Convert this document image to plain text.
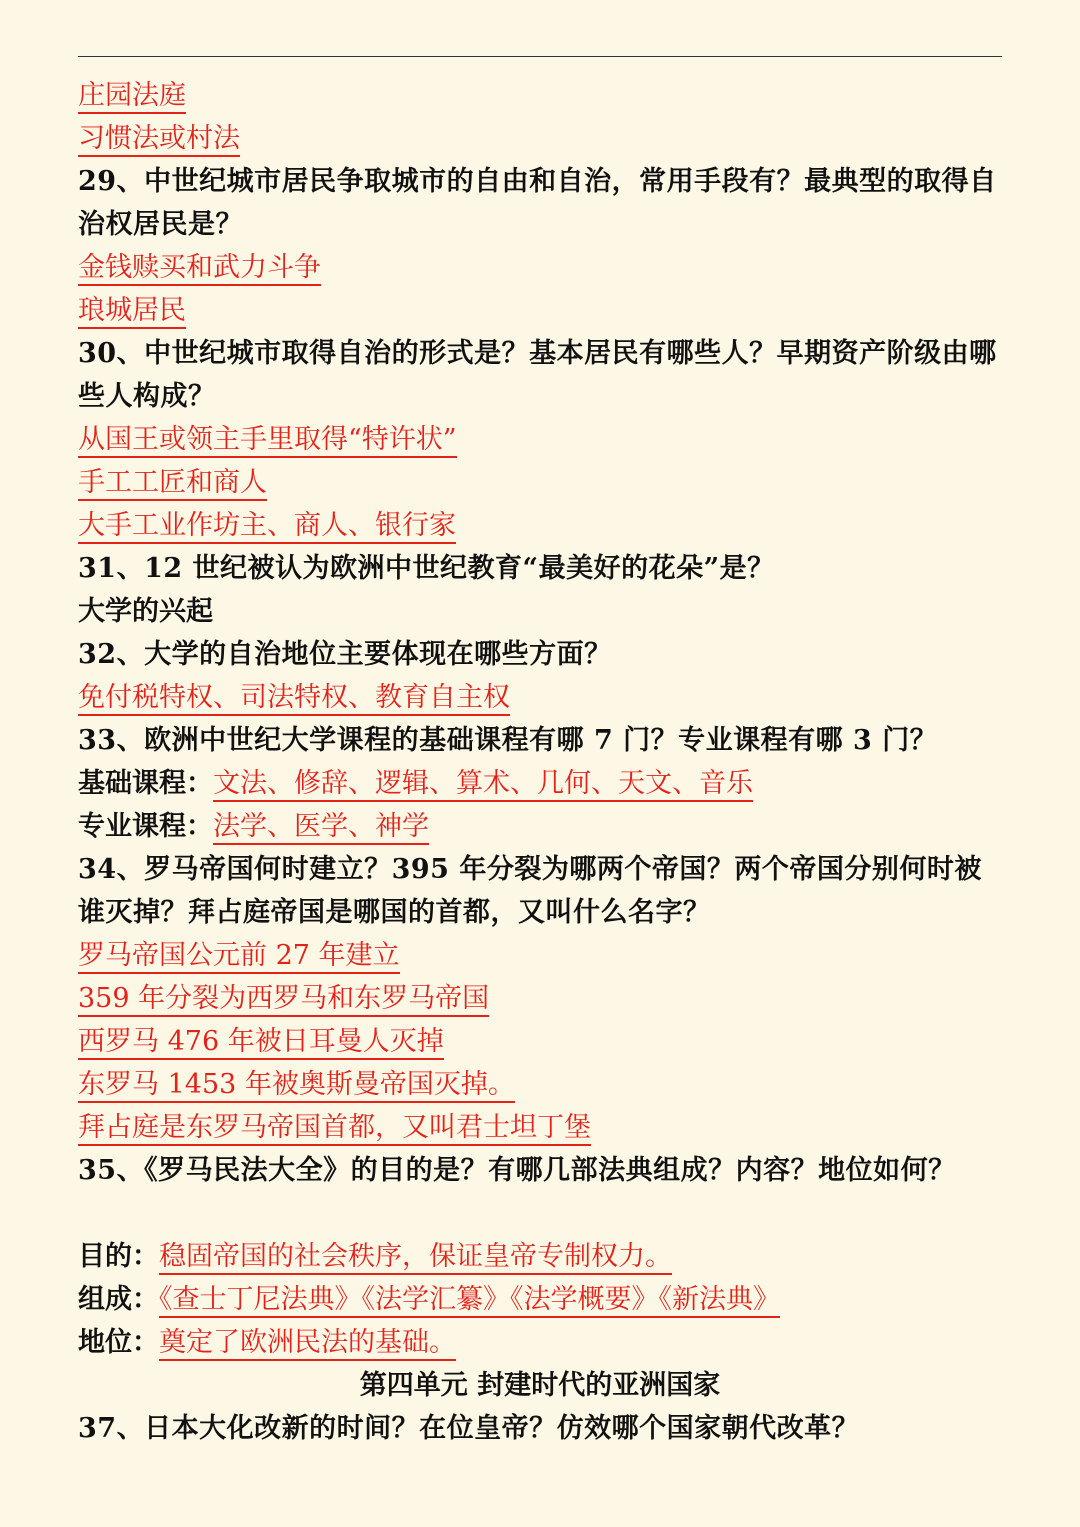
庄园法庭
习惯法或村法
29、中世纪城市居民争取城市的自由和自治，常用手段有？最典型的取得自治权居民是？
金钱赎买和武力斗争
琅城居民
30、中世纪城市取得自治的形式是？基本居民有哪些人？早期资产阶级由哪些人构成？
从国王或领主手里取得“特许状”
手工工匠和商人
大手工业作坊主、商人、银行家
31、12 世纪被认为欧洲中世纪教育“最美好的花朵”是？
大学的兴起
32、大学的自治地位主要体现在哪些方面？
免付税特权、司法特权、教育自主权
33、欧洲中世纪大学课程的基础课程有哪 7 门？专业课程有哪 3 门？
基础课程：文法、修辞、逻辑、算术、几何、天文、音乐
专业课程：法学、医学、神学
34、罗马帝国何时建立？395 年分裂为哪两个帝国？两个帝国分别何时被谁灭掉？拜占庭帝国是哪国的首都，又叫什么名字？
罗马帝国公元前 27 年建立
359 年分裂为西罗马和东罗马帝国
西罗马 476 年被日耳曼人灭掉
东罗马 1453 年被奥斯曼帝国灭掉。
拜占庭是东罗马帝国首都，又叫君士坦丁堡
35、《罗马民法大全》的目的是？有哪几部法典组成？内容？地位如何？
目的：稳固帝国的社会秩序，保证皇帝专制权力。
组成：《查士丁尼法典》《法学汇纂》《法学概要》《新法典》
地位：奠定了欧洲民法的基础。
第四单元 封建时代的亚洲国家
37、日本大化改新的时间？在位皇帝？仿效哪个国家朝代改革？
